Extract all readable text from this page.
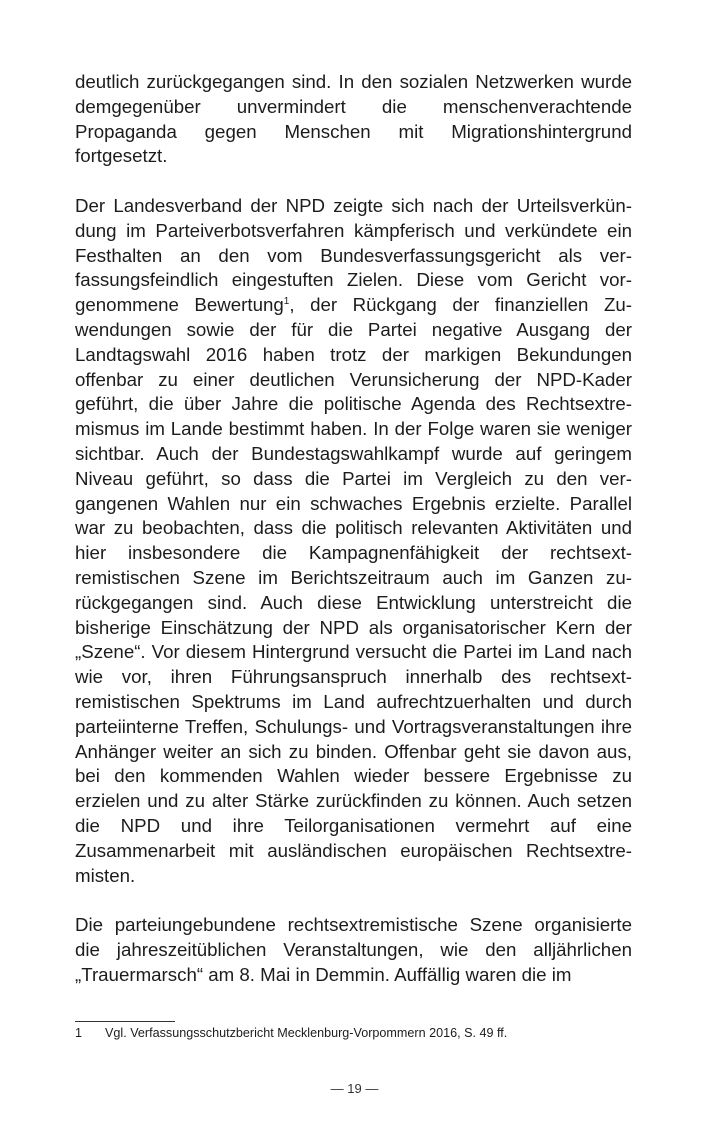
deutlich zurückgegangen sind. In den sozialen Netzwerken wurde demgegenüber unvermindert die menschenverachtende Propaganda gegen Menschen mit Migrationshintergrund fortgesetzt.

Der Landesverband der NPD zeigte sich nach der Urteilsverkündung im Parteiverbotsverfahren kämpferisch und verkündete ein Festhalten an den vom Bundesverfassungsgericht als verfassungsfeindlich eingestuften Zielen. Diese vom Gericht vorgenommene Bewertung$^1$, der Rückgang der finanziellen Zuwendungen sowie der für die Partei negative Ausgang der Landtagswahl 2016 haben trotz der markigen Bekundungen offenbar zu einer deutlichen Verunsicherung der NPD-Kader geführt, die über Jahre die politische Agenda des Rechtsextremismus im Lande bestimmt haben. In der Folge waren sie weniger sichtbar. Auch der Bundestagswahlkampf wurde auf geringem Niveau geführt, so dass die Partei im Vergleich zu den vergangenen Wahlen nur ein schwaches Ergebnis erzielte. Parallel war zu beobachten, dass die politisch relevanten Aktivitäten und hier insbesondere die Kampagnenfähigkeit der rechtsextremistischen Szene im Berichtszeitraum auch im Ganzen zurückgegangen sind. Auch diese Entwicklung unterstreicht die bisherige Einschätzung der NPD als organisatorischer Kern der „Szene“. Vor diesem Hintergrund versucht die Partei im Land nach wie vor, ihren Führungsanspruch innerhalb des rechtsextremistischen Spektrums im Land aufrechtzuerhalten und durch parteiinterne Treffen, Schulungs- und Vortragsveranstaltungen ihre Anhänger weiter an sich zu binden. Offenbar geht sie davon aus, bei den kommenden Wahlen wieder bessere Ergebnisse zu erzielen und zu alter Stärke zurückfinden zu können. Auch setzen die NPD und ihre Teilorganisationen vermehrt auf eine Zusammenarbeit mit ausländischen europäischen Rechtsextremisten.

Die parteiungebundene rechtsextremistische Szene organisierte die jahreszeitüblichen Veranstaltungen, wie den alljährlichen „Trauermarsch“ am 8. Mai in Demmin. Auffällig waren die im

1 Vgl. Verfassungsschutzbericht Mecklenburg-Vorpommern 2016, S. 49 ff.
— 19 —
